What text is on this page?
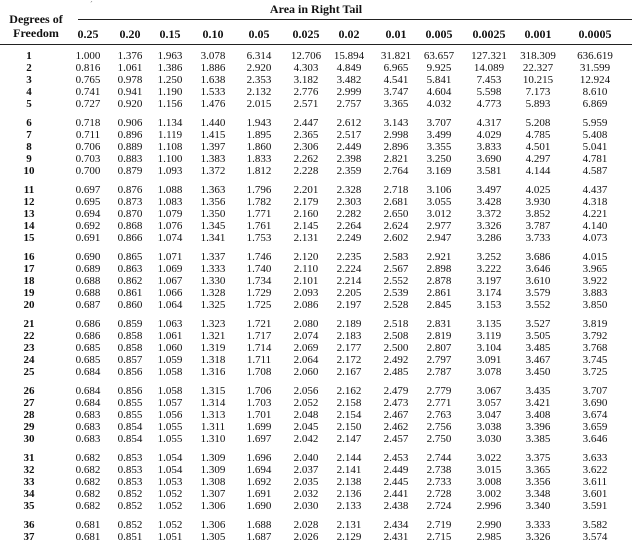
´	Area in Right Tail
Degrees of Freedom	0.25	0.20	0.15	0.10	0.05	0.025	0.02	0.01	0.005	0.0025	0.001	0.0005
1	1.000	1.376	1.963	3.078	6.314	12.706	15.894	31.821	63.657	127.321	318.309	636.619
2	0.816	1.061	1.386	1.886	2.920	4.303	4.849	6.965	9.925	14.089	22.327	31.599
3	0.765	0.978	1.250	1.638	2.353	3.182	3.482	4.541	5.841	7.453	10.215	12.924
4	0.741	0.941	1.190	1.533	2.132	2.776	2.999	3.747	4.604	5.598	7.173	8.610
5	0.727	0.920	1.156	1.476	2.015	2.571	2.757	3.365	4.032	4.773	5.893	6.869
6	0.718	0.906	1.134	1.440	1.943	2.447	2.612	3.143	3.707	4.317	5.208	5.959
7	0.711	0.896	1.119	1.415	1.895	2.365	2.517	2.998	3.499	4.029	4.785	5.408
8	0.706	0.889	1.108	1.397	1.860	2.306	2.449	2.896	3.355	3.833	4.501	5.041
9	0.703	0.883	1.100	1.383	1.833	2.262	2.398	2.821	3.250	3.690	4.297	4.781
10	0.700	0.879	1.093	1.372	1.812	2.228	2.359	2.764	3.169	3.581	4.144	4.587
11	0.697	0.876	1.088	1.363	1.796	2.201	2.328	2.718	3.106	3.497	4.025	4.437
12	0.695	0.873	1.083	1.356	1.782	2.179	2.303	2.681	3.055	3.428	3.930	4.318
13	0.694	0.870	1.079	1.350	1.771	2.160	2.282	2.650	3.012	3.372	3.852	4.221
14	0.692	0.868	1.076	1.345	1.761	2.145	2.264	2.624	2.977	3.326	3.787	4.140
15	0.691	0.866	1.074	1.341	1.753	2.131	2.249	2.602	2.947	3.286	3.733	4.073
16	0.690	0.865	1.071	1.337	1.746	2.120	2.235	2.583	2.921	3.252	3.686	4.015
17	0.689	0.863	1.069	1.333	1.740	2.110	2.224	2.567	2.898	3.222	3.646	3.965
18	0.688	0.862	1.067	1.330	1.734	2.101	2.214	2.552	2.878	3.197	3.610	3.922
19	0.688	0.861	1.066	1.328	1.729	2.093	2.205	2.539	2.861	3.174	3.579	3.883
20	0.687	0.860	1.064	1.325	1.725	2.086	2.197	2.528	2.845	3.153	3.552	3.850
21	0.686	0.859	1.063	1.323	1.721	2.080	2.189	2.518	2.831	3.135	3.527	3.819
22	0.686	0.858	1.061	1.321	1.717	2.074	2.183	2.508	2.819	3.119	3.505	3.792
23	0.685	0.858	1.060	1.319	1.714	2.069	2.177	2.500	2.807	3.104	3.485	3.768
24	0.685	0.857	1.059	1.318	1.711	2.064	2.172	2.492	2.797	3.091	3.467	3.745
25	0.684	0.856	1.058	1.316	1.708	2.060	2.167	2.485	2.787	3.078	3.450	3.725
26	0.684	0.856	1.058	1.315	1.706	2.056	2.162	2.479	2.779	3.067	3.435	3.707
27	0.684	0.855	1.057	1.314	1.703	2.052	2.158	2.473	2.771	3.057	3.421	3.690
28	0.683	0.855	1.056	1.313	1.701	2.048	2.154	2.467	2.763	3.047	3.408	3.674
29	0.683	0.854	1.055	1.311	1.699	2.045	2.150	2.462	2.756	3.038	3.396	3.659
30	0.683	0.854	1.055	1.310	1.697	2.042	2.147	2.457	2.750	3.030	3.385	3.646
31	0.682	0.853	1.054	1.309	1.696	2.040	2.144	2.453	2.744	3.022	3.375	3.633
32	0.682	0.853	1.054	1.309	1.694	2.037	2.141	2.449	2.738	3.015	3.365	3.622
33	0.682	0.853	1.053	1.308	1.692	2.035	2.138	2.445	2.733	3.008	3.356	3.611
34	0.682	0.852	1.052	1.307	1.691	2.032	2.136	2.441	2.728	3.002	3.348	3.601
35	0.682	0.852	1.052	1.306	1.690	2.030	2.133	2.438	2.724	2.996	3.340	3.591
36	0.681	0.852	1.052	1.306	1.688	2.028	2.131	2.434	2.719	2.990	3.333	3.582
37	0.681	0.851	1.051	1.305	1.687	2.026	2.129	2.431	2.715	2.985	3.326	3.574
